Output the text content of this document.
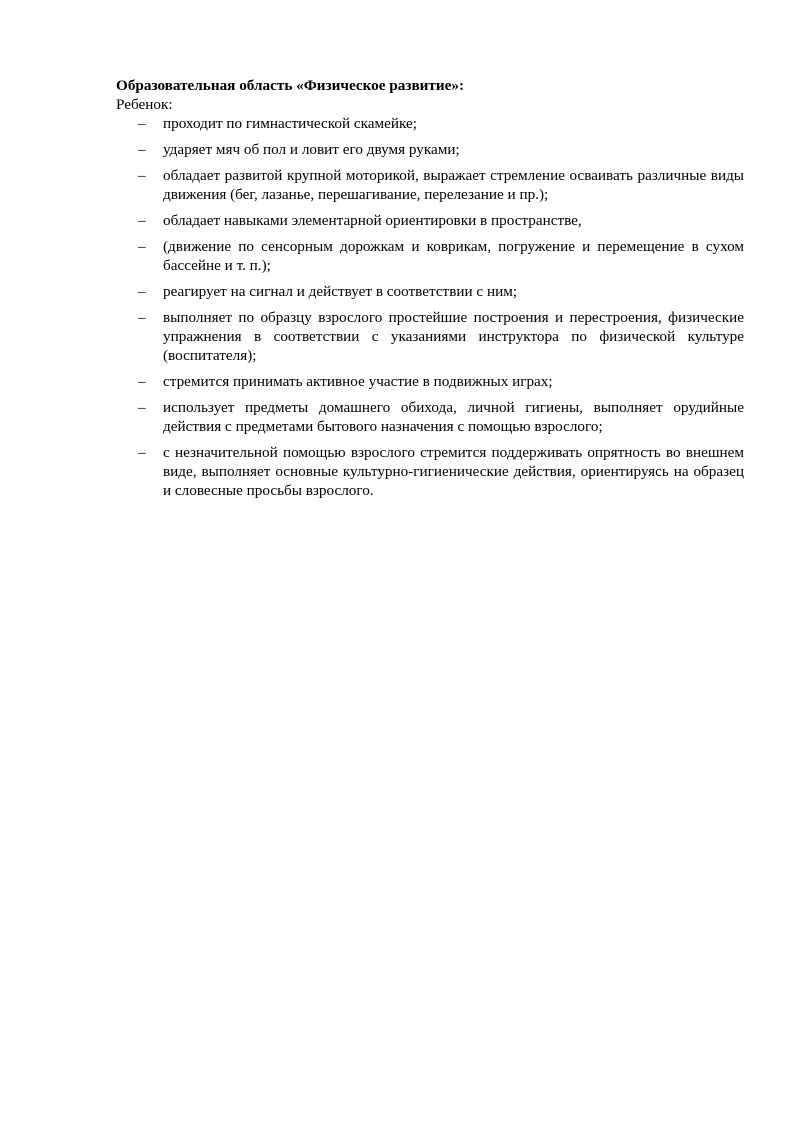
Образовательная область «Физическое развитие»:

Ребенок:

– проходит по гимнастической скамейке;
– ударяет мяч об пол и ловит его двумя руками;
– обладает развитой крупной моторикой, выражает стремление осваивать различные виды движения (бег, лазанье, перешагивание, перелезание и пр.);
– обладает навыками элементарной ориентировки в пространстве,
– (движение по сенсорным дорожкам и коврикам, погружение и перемещение в сухом бассейне и т. п.);
– реагирует на сигнал и действует в соответствии с ним;
– выполняет по образцу взрослого простейшие построения и перестроения, физические упражнения в соответствии с указаниями инструктора по физической культуре (воспитателя);
– стремится принимать активное участие в подвижных играх;
– использует предметы домашнего обихода, личной гигиены, выполняет орудийные действия с предметами бытового назначения с помощью взрослого;
– с незначительной помощью взрослого стремится поддерживать опрятность во внешнем виде, выполняет основные культурно-гигиенические действия, ориентируясь на образец и словесные просьбы взрослого.
